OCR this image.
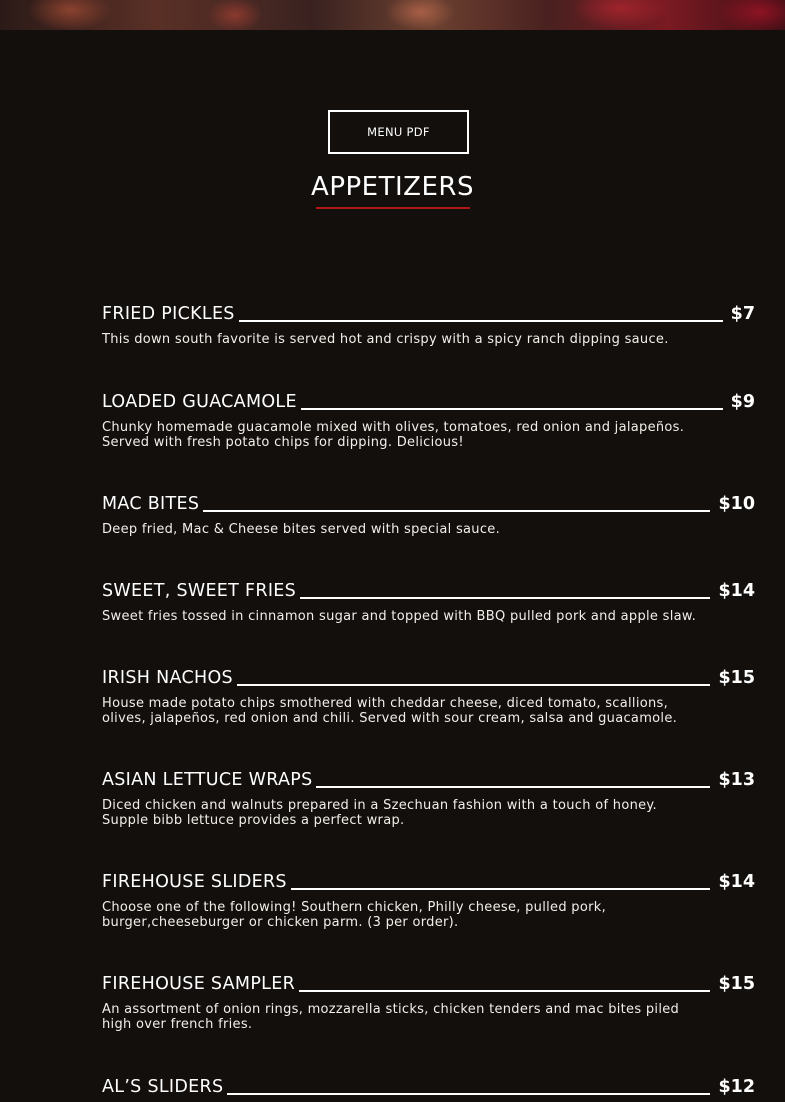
MENU PDF
APPETIZERS
FRIED PICKLES	$7
This down south favorite is served hot and crispy with a spicy ranch dipping sauce.
LOADED GUACAMOLE	$9
Chunky homemade guacamole mixed with olives, tomatoes, red onion and jalapeños. Served with fresh potato chips for dipping. Delicious!
MAC BITES	$10
Deep fried, Mac & Cheese bites served with special sauce.
SWEET, SWEET FRIES	$14
Sweet fries tossed in cinnamon sugar and topped with BBQ pulled pork and apple slaw.
IRISH NACHOS	$15
House made potato chips smothered with cheddar cheese, diced tomato, scallions, olives, jalapeños, red onion and chili. Served with sour cream, salsa and guacamole.
ASIAN LETTUCE WRAPS	$13
Diced chicken and walnuts prepared in a Szechuan fashion with a touch of honey. Supple bibb lettuce provides a perfect wrap.
FIREHOUSE SLIDERS	$14
Choose one of the following! Southern chicken, Philly cheese, pulled pork, burger,cheeseburger or chicken parm. (3 per order).
FIREHOUSE SAMPLER	$15
An assortment of onion rings, mozzarella sticks, chicken tenders and mac bites piled high over french fries.
AL’S SLIDERS	$12
